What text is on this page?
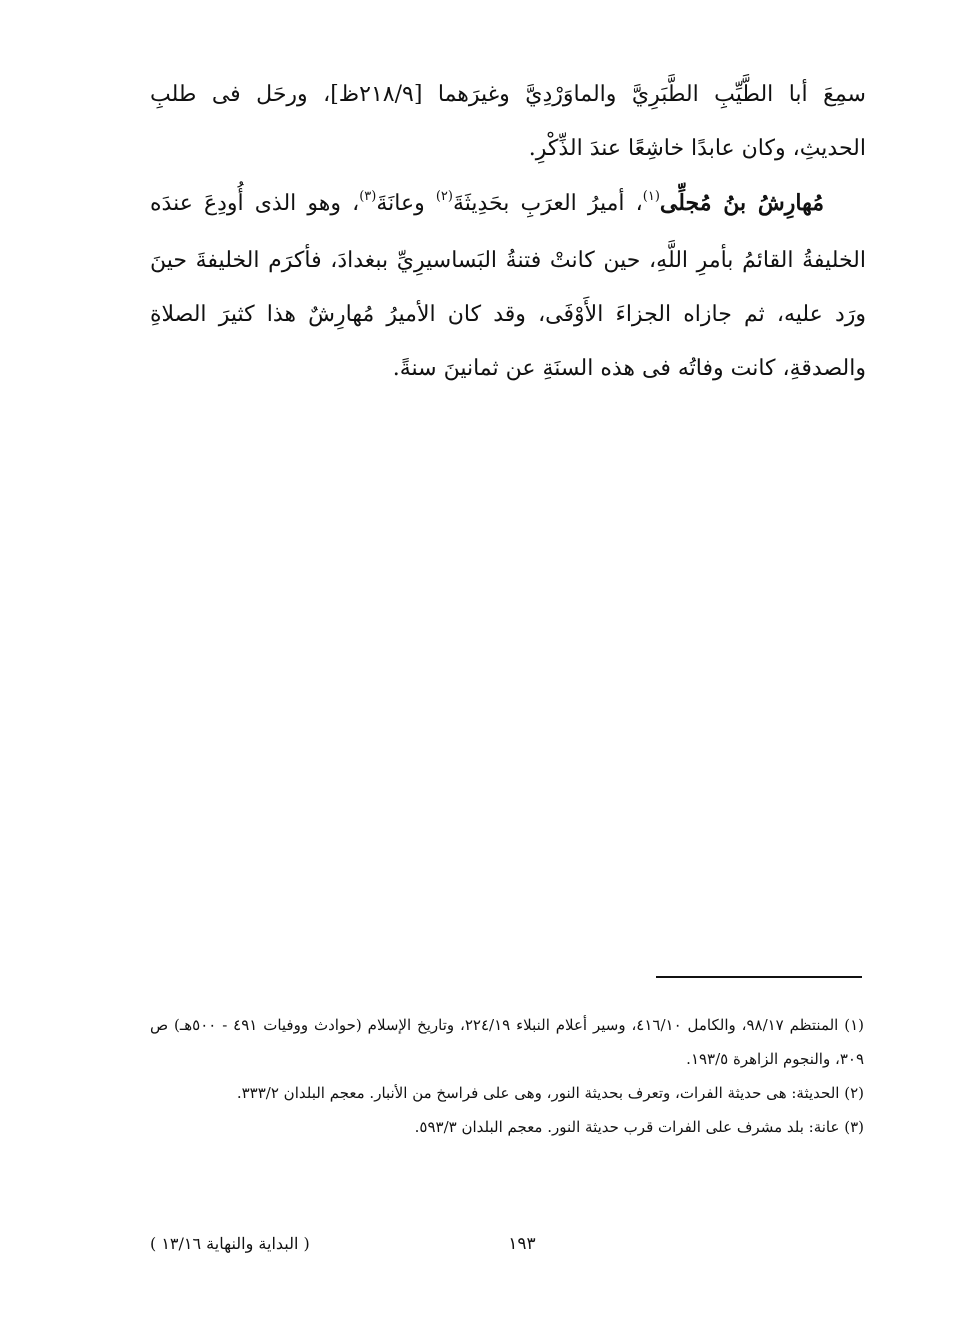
سمِعَ أبا الطَّيِّبِ الطَّبَرِيَّ والماوَرْدِيَّ وغيرَهما [٢١٨/٩ظ]، ورحَل فى طلبِ الحديثِ، وكان عابدًا خاشِعًا عندَ الذِّكْرِ.

مُهارِشُ بنُ مُجلِّى$^{(١)}$، أميرُ العرَبِ بحَدِيثَةَ$^{(٢)}$ وعانَةَ$^{(٣)}$، وهو الذى أُودِعَ عندَه الخليفةُ القائمُ بأمرِ اللَّهِ، حين كانتْ فتنةُ البَساسيرِيِّ ببغدادَ، فأكرَم الخليفةَ حينَ ورَد عليه، ثم جازاه الجزاءَ الأَوْفَى، وقد كان الأميرُ مُهارِشٌ هذا كثيرَ الصلاةِ والصدقةِ، كانت وفاتُه فى هذه السنَةِ عن ثمانينَ سنةً.

(١) المنتظم ٩٨/١٧، والكامل ٤١٦/١٠، وسير أعلام النبلاء ٢٢٤/١٩، وتاريخ الإسلام (حوادث ووفيات ٤٩١ - ٥٠٠هـ) ص ٣٠٩، والنجوم الزاهرة ١٩٣/٥.

(٢) الحديثة: هى حديثة الفرات، وتعرف بحديثة النور، وهى على فراسخ من الأنبار. معجم البلدان ٣٣٣/٢.

(٣) عانة: بلد مشرف على الفرات قرب حديثة النور. معجم البلدان ٥٩٣/٣.

١٩٣
( البداية والنهاية ١٣/١٦ )
